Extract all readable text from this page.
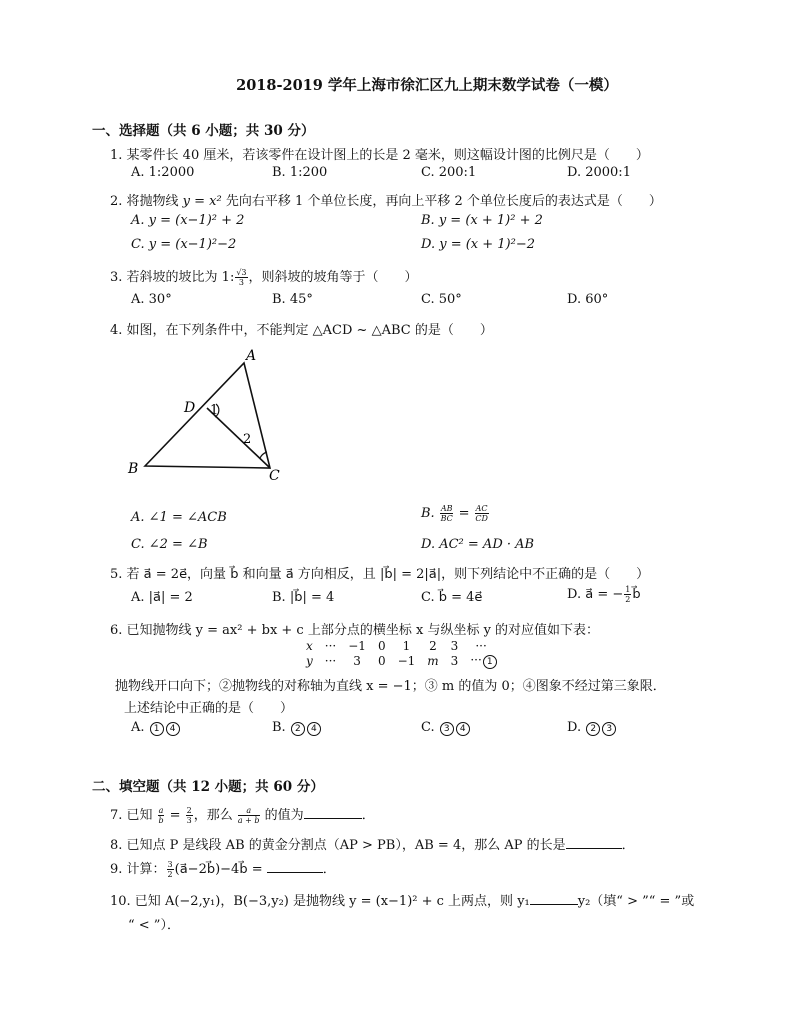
2018-2019 学年上海市徐汇区九上期末数学试卷（一模）
一、选择题（共 6 小题；共 30 分）
1. 某零件长 40 厘米，若该零件在设计图上的长是 2 毫米，则这幅设计图的比例尺是（　　）
A. 1:2000	B. 1:200	C. 200:1	D. 2000:1
2. 将抛物线 y = x² 先向右平移 1 个单位长度，再向上平移 2 个单位长度后的表达式是（　　）
A. y = (x−1)² + 2	B. y = (x + 1)² + 2
C. y = (x−1)²−2	D. y = (x + 1)²−2
3. 若斜坡的坡比为 1: $\frac{√3}{3}$ ，则斜坡的坡角等于（　　）
A. 30°	B. 45°	C. 50°	D. 60°
4. 如图，在下列条件中，不能判定 △ACD ~ △ABC 的是（　　）
A
B	C
D 1
2
A. ∠1 = ∠ACB	B. $\frac{AB}{BC} = \frac{AC}{CD}$
C. ∠2 = ∠B	D. AC² = AD · AB
5. 若 a⃗ = 2e⃗，向量 b⃗ 和向量 a⃗ 方向相反，且 |b⃗| = 2|a⃗|，则下列结论中不正确的是（　　）
A. |a⃗| = 2	B. |b⃗| = 4	C. b⃗ = 4e⃗	D. a⃗ = − $\frac{1}{2}$ b⃗
6. 已知抛物线 y = ax² + bx + c 上部分点的横坐标 x 与纵坐标 y 的对应值如下表：
x	···	−1	0	1	2	3	···
y	···	3	0	−1	m	3	··· 1
抛物线开口向下；②抛物线的对称轴为直线 x = −1；③ m 的值为 0；④图象不经过第三象限．
上述结论中正确的是（　　）
A. 1 4	B. 2 4	C. 3 4	D. 2 3
二、填空题（共 12 小题；共 60 分）
7. 已知 $\frac{a}{b} = \frac{2}{3}$ ，那么 $\frac{a}{a + b}$ 的值为	．
8. 已知点 P 是线段 AB 的黄金分割点（AP > PB），AB = 4，那么 AP 的长是	．
9. 计算： $\frac{3}{2}$ (a⃗−2b⃗)−4b⃗ =	．
10. 已知 A(−2,y₁)，B(−3,y₂) 是抛物线 y = (x−1)² + c 上两点，则 y₁	y₂（填“ > ”“ = ”或
“ < ”）．
